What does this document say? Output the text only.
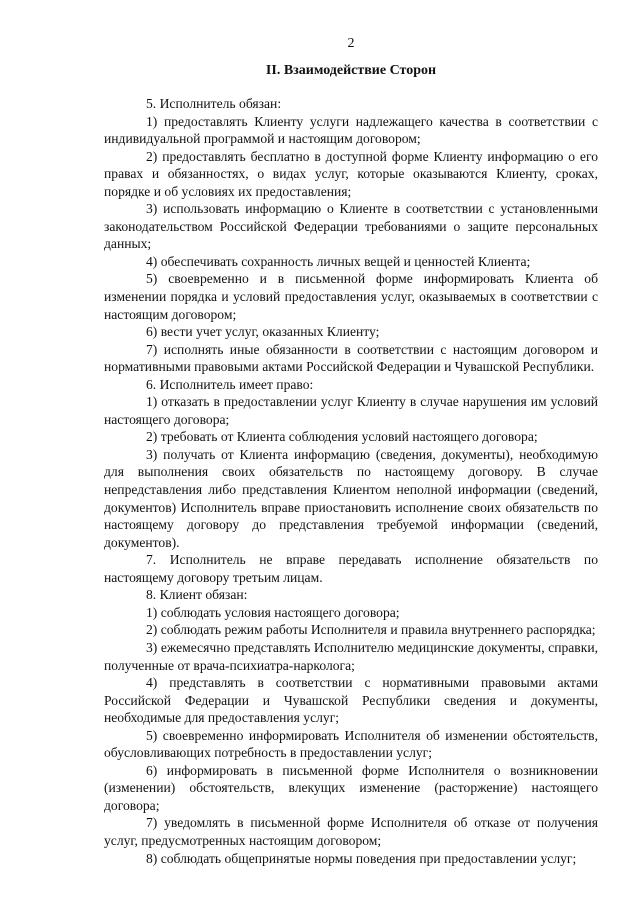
2
II. Взаимодействие Сторон

5. Исполнитель обязан:

1) предоставлять Клиенту услуги надлежащего качества в соответствии с индивидуальной программой и настоящим договором;

2) предоставлять бесплатно в доступной форме Клиенту информацию о его правах и обязанностях, о видах услуг, которые оказываются Клиенту, сроках, порядке и об условиях их предоставления;

3) использовать информацию о Клиенте в соответствии с установленными законодательством Российской Федерации требованиями о защите персональных данных;

4) обеспечивать сохранность личных вещей и ценностей Клиента;

5) своевременно и в письменной форме информировать Клиента об изменении порядка и условий предоставления услуг, оказываемых в соответствии с настоящим договором;

6) вести учет услуг, оказанных Клиенту;

7) исполнять иные обязанности в соответствии с настоящим договором и нормативными правовыми актами Российской Федерации и Чувашской Республики.

6. Исполнитель имеет право:

1) отказать в предоставлении услуг Клиенту в случае нарушения им условий настоящего договора;

2) требовать от Клиента соблюдения условий настоящего договора;

3) получать от Клиента информацию (сведения, документы), необходимую для выполнения своих обязательств по настоящему договору. В случае непредставления либо представления Клиентом неполной информации (сведений, документов) Исполнитель вправе приостановить исполнение своих обязательств по настоящему договору до представления требуемой информации (сведений, документов).

7. Исполнитель не вправе передавать исполнение обязательств по настоящему договору третьим лицам.

8. Клиент обязан:

1) соблюдать условия настоящего договора;

2) соблюдать режим работы Исполнителя и правила внутреннего распорядка;

3) ежемесячно представлять Исполнителю медицинские документы, справки, полученные от врача-психиатра-нарколога;

4) представлять в соответствии с нормативными правовыми актами Российской Федерации и Чувашской Республики сведения и документы, необходимые для предоставления услуг;

5) своевременно информировать Исполнителя об изменении обстоятельств, обусловливающих потребность в предоставлении услуг;

6) информировать в письменной форме Исполнителя о возникновении (изменении) обстоятельств, влекущих изменение (расторжение) настоящего договора;

7) уведомлять в письменной форме Исполнителя об отказе от получения услуг, предусмотренных настоящим договором;

8) соблюдать общепринятые нормы поведения при предоставлении услуг;
